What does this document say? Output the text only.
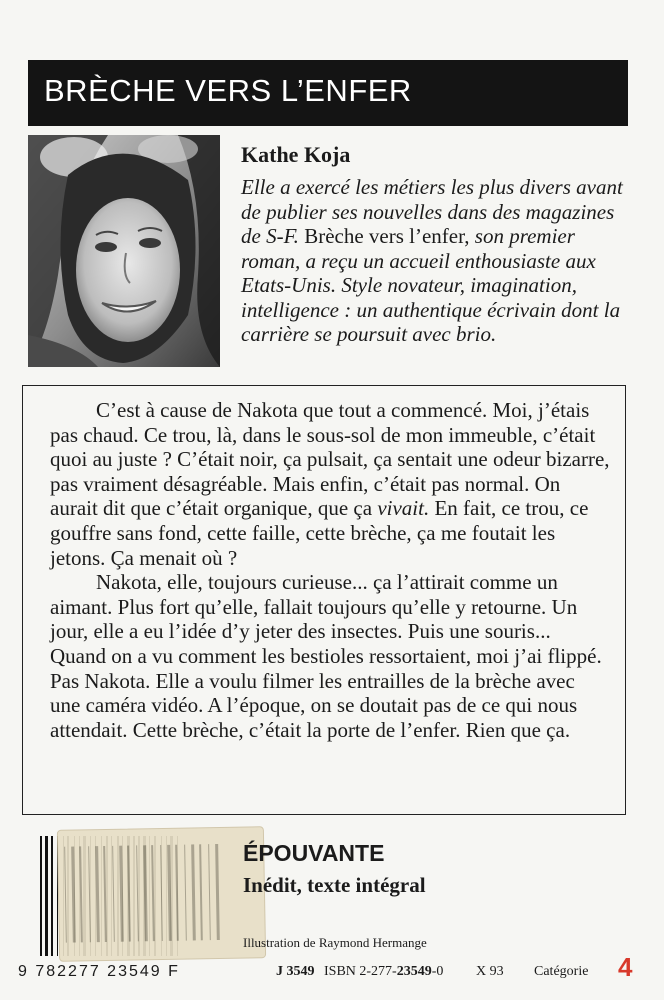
BRÈCHE VERS L’ENFER
Kathe Koja
Elle a exercé les métiers les plus divers avant de publier ses nouvelles dans des magazines de S-F. Brèche vers l’enfer, son premier roman, a reçu un accueil enthousiaste aux Etats-Unis. Style novateur, imagination, intelligence : un authentique écrivain dont la carrière se poursuit avec brio.

C’est à cause de Nakota que tout a commencé. Moi, j’étais pas chaud. Ce trou, là, dans le sous-sol de mon immeuble, c’était quoi au juste ? C’était noir, ça pulsait, ça sentait une odeur bizarre, pas vraiment désagréable. Mais enfin, c’était pas normal. On aurait dit que c’était organique, que ça vivait. En fait, ce trou, ce gouffre sans fond, cette faille, cette brèche, ça me foutait les jetons. Ça menait où ?

Nakota, elle, toujours curieuse... ça l’attirait comme un aimant. Plus fort qu’elle, fallait toujours qu’elle y retourne. Un jour, elle a eu l’idée d’y jeter des insectes. Puis une souris... Quand on a vu comment les bestioles ressortaient, moi j’ai flippé. Pas Nakota. Elle a voulu filmer les entrailles de la brèche avec une caméra vidéo. A l’époque, on se doutait pas de ce qui nous attendait. Cette brèche, c’était la porte de l’enfer. Rien que ça.

ÉPOUVANTE
Inédit, texte intégral
Illustration de Raymond Hermange
9 782277 23549 F	J 3549 ISBN 2-277-23549-0 X 93 Catégorie 4
